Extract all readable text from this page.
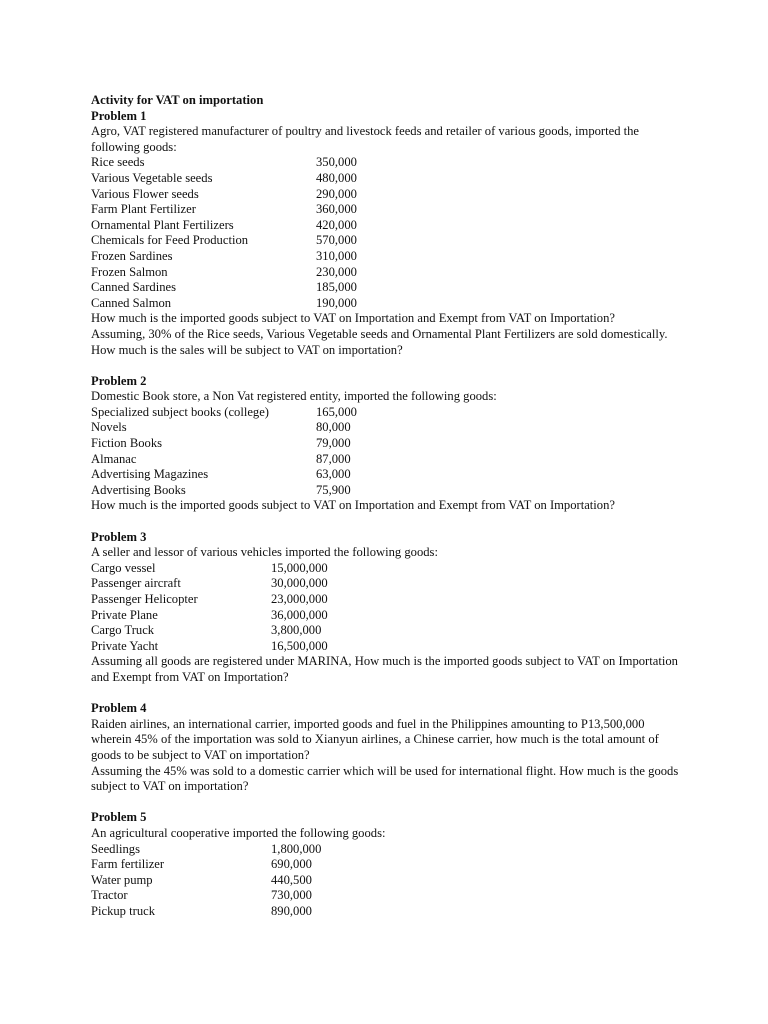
Activity for VAT on importation

Problem 1

Agro, VAT registered manufacturer of poultry and livestock feeds and retailer of various goods, imported the following goods:

Rice seeds	350,000
Various Vegetable seeds	480,000
Various Flower seeds	290,000
Farm Plant Fertilizer	360,000
Ornamental Plant Fertilizers	420,000
Chemicals for Feed Production	570,000
Frozen Sardines	310,000
Frozen Salmon	230,000
Canned Sardines	185,000
Canned Salmon	190,000

How much is the imported goods subject to VAT on Importation and Exempt from VAT on Importation?

Assuming, 30% of the Rice seeds, Various Vegetable seeds and Ornamental Plant Fertilizers are sold domestically. How much is the sales will be subject to VAT on importation?

Problem 2

Domestic Book store, a Non Vat registered entity, imported the following goods:

Specialized subject books (college)	165,000
Novels	80,000
Fiction Books	79,000
Almanac	87,000
Advertising Magazines	63,000
Advertising Books	75,900

How much is the imported goods subject to VAT on Importation and Exempt from VAT on Importation?

Problem 3

A seller and lessor of various vehicles imported the following goods:

Cargo vessel	15,000,000
Passenger aircraft	30,000,000
Passenger Helicopter	23,000,000
Private Plane	36,000,000
Cargo Truck	3,800,000
Private Yacht	16,500,000

Assuming all goods are registered under MARINA, How much is the imported goods subject to VAT on Importation and Exempt from VAT on Importation?

Problem 4

Raiden airlines, an international carrier, imported goods and fuel in the Philippines amounting to P13,500,000 wherein 45% of the importation was sold to Xianyun airlines, a Chinese carrier, how much is the total amount of goods to be subject to VAT on importation?

Assuming the 45% was sold to a domestic carrier which will be used for international flight. How much is the goods subject to VAT on importation?

Problem 5

An agricultural cooperative imported the following goods:

Seedlings	1,800,000
Farm fertilizer	690,000
Water pump	440,500
Tractor	730,000
Pickup truck	890,000
